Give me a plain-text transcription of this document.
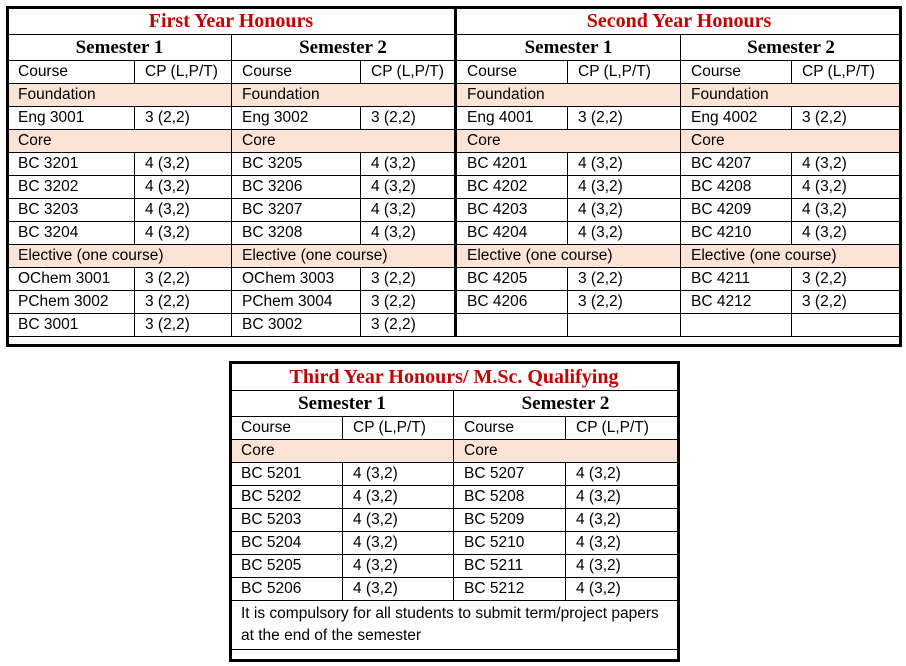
First Year Honours				Second Year Honours			
Semester 1		Semester 2		Semester 1		Semester 2	
Course	CP (L,P/T)	Course	CP (L,P/T)	Course	CP (L,P/T)	Course	CP (L,P/T)
Foundation		Foundation		Foundation		Foundation	
Eng 3001	3 (2,2)	Eng 3002	3 (2,2)	Eng 4001	3 (2,2)	Eng 4002	3 (2,2)
Core		Core		Core		Core	
BC 3201	4 (3,2)	BC 3205	4 (3,2)	BC 4201	4 (3,2)	BC 4207	4 (3,2)
BC 3202	4 (3,2)	BC 3206	4 (3,2)	BC 4202	4 (3,2)	BC 4208	4 (3,2)
BC 3203	4 (3,2)	BC 3207	4 (3,2)	BC 4203	4 (3,2)	BC 4209	4 (3,2)
BC 3204	4 (3,2)	BC 3208	4 (3,2)	BC 4204	4 (3,2)	BC 4210	4 (3,2)
Elective (one course)		Elective (one course)		Elective (one course)		Elective (one course)	
OChem 3001	3 (2,2)	OChem 3003	3 (2,2)	BC 4205	3 (2,2)	BC 4211	3 (2,2)
PChem 3002	3 (2,2)	PChem 3004	3 (2,2)	BC 4206	3 (2,2)	BC 4212	3 (2,2)
BC 3001	3 (2,2)	BC 3002	3 (2,2)				
Third Year Honours/ M.Sc. Qualifying			
Semester 1		Semester 2	
Course	CP (L,P/T)	Course	CP (L,P/T)
Core		Core	
BC 5201	4 (3,2)	BC 5207	4 (3,2)
BC 5202	4 (3,2)	BC 5208	4 (3,2)
BC 5203	4 (3,2)	BC 5209	4 (3,2)
BC 5204	4 (3,2)	BC 5210	4 (3,2)
BC 5205	4 (3,2)	BC 5211	4 (3,2)
BC 5206	4 (3,2)	BC 5212	4 (3,2)
It is compulsory for all students to submit term/project papers at the end of the semester			
